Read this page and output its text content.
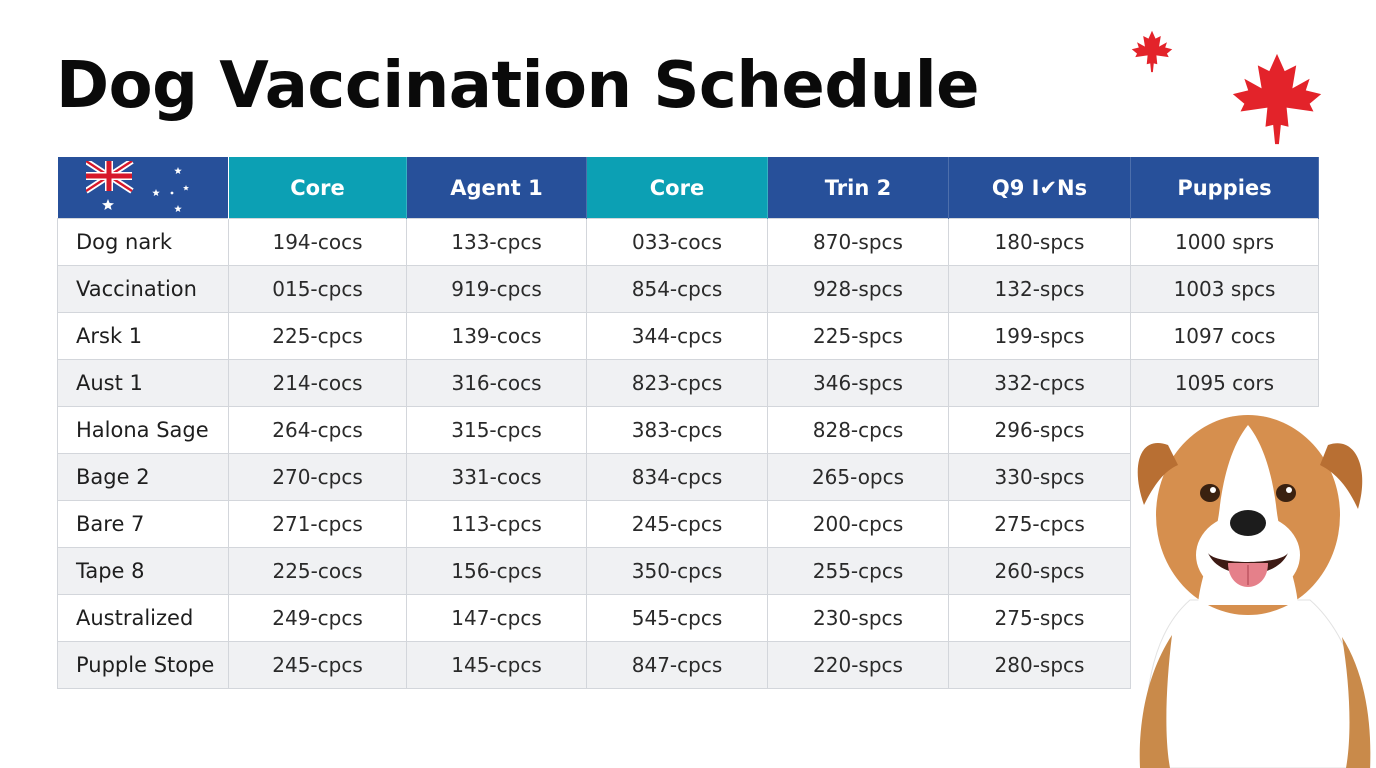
Dog Vaccination Schedule
	Core	Agent 1	Core	Trin 2	Q9 I✔Ns	Puppies
Dog nark	194-cocs	133-cpcs	033-cocs	870-spcs	180-spcs	1000 sprs
Vaccination	015-cpcs	919-cpcs	854-cpcs	928-spcs	132-spcs	1003 spcs
Arsk 1	225-cpcs	139-cocs	344-cpcs	225-spcs	199-spcs	1097 cocs
Aust 1	214-cocs	316-cocs	823-cpcs	346-spcs	332-cpcs	1095 cors
Halona Sage	264-cpcs	315-cpcs	383-cpcs	828-cpcs	296-spcs	
Bage 2	270-cpcs	331-cocs	834-cpcs	265-opcs	330-spcs	
Bare 7	271-cpcs	113-cpcs	245-cpcs	200-cpcs	275-cpcs	
Tape 8	225-cocs	156-cpcs	350-cpcs	255-cpcs	260-spcs	
Australized	249-cpcs	147-cpcs	545-cpcs	230-spcs	275-spcs	
Pupple Stope	245-cpcs	145-cpcs	847-cpcs	220-spcs	280-spcs	
